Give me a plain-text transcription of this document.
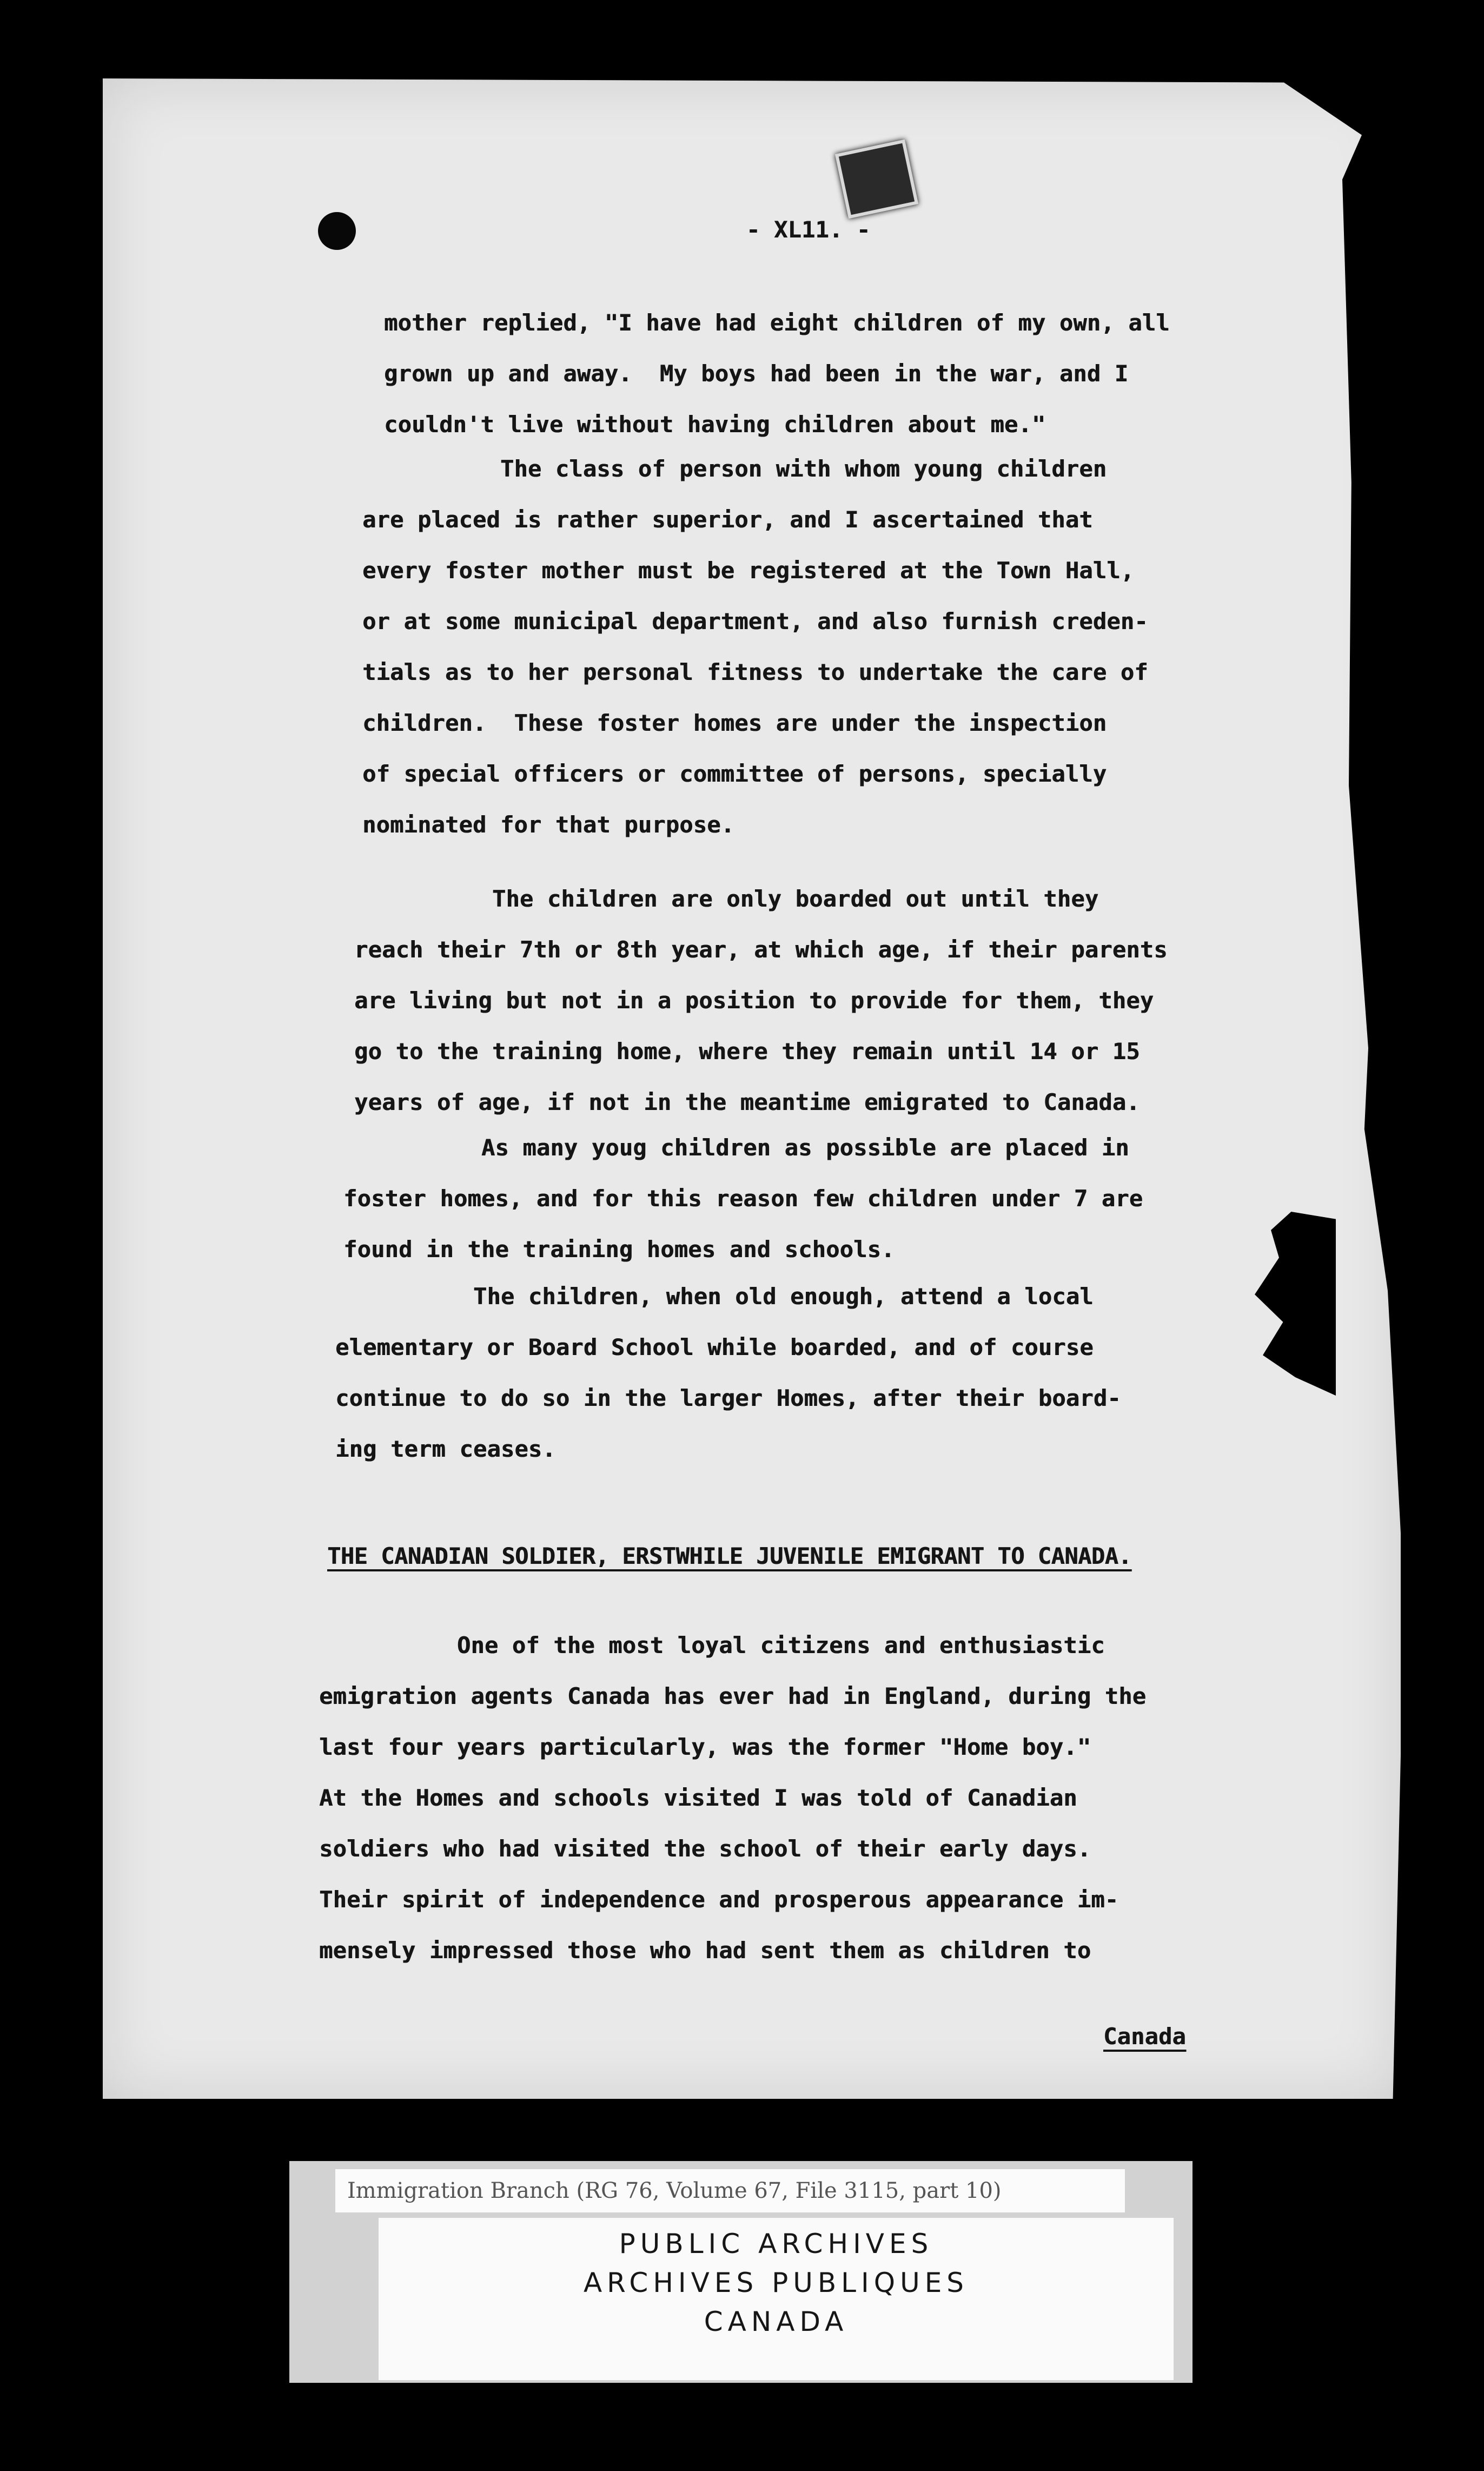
- XL11. -
mother replied, "I have had eight children of my own, all
grown up and away.  My boys had been in the war, and I
couldn't live without having children about me."
The class of person with whom young children
are placed is rather superior, and I ascertained that
every foster mother must be registered at the Town Hall,
or at some municipal department, and also furnish creden-
tials as to her personal fitness to undertake the care of
children.  These foster homes are under the inspection
of special officers or committee of persons, specially
nominated for that purpose.
The children are only boarded out until they
reach their 7th or 8th year, at which age, if their parents
are living but not in a position to provide for them, they
go to the training home, where they remain until 14 or 15
years of age, if not in the meantime emigrated to Canada.
As many youg children as possible are placed in
foster homes, and for this reason few children under 7 are
found in the training homes and schools.
The children, when old enough, attend a local
elementary or Board School while boarded, and of course
continue to do so in the larger Homes, after their board-
ing term ceases.
THE CANADIAN SOLDIER, ERSTWHILE JUVENILE EMIGRANT TO CANADA.
One of the most loyal citizens and enthusiastic
emigration agents Canada has ever had in England, during the
last four years particularly, was the former "Home boy."
At the Homes and schools visited I was told of Canadian
soldiers who had visited the school of their early days.
Their spirit of independence and prosperous appearance im-
mensely impressed those who had sent them as children to
Canada
Immigration Branch (RG 76, Volume 67, File 3115, part 10)
PUBLIC ARCHIVES
ARCHIVES PUBLIQUES
CANADA
